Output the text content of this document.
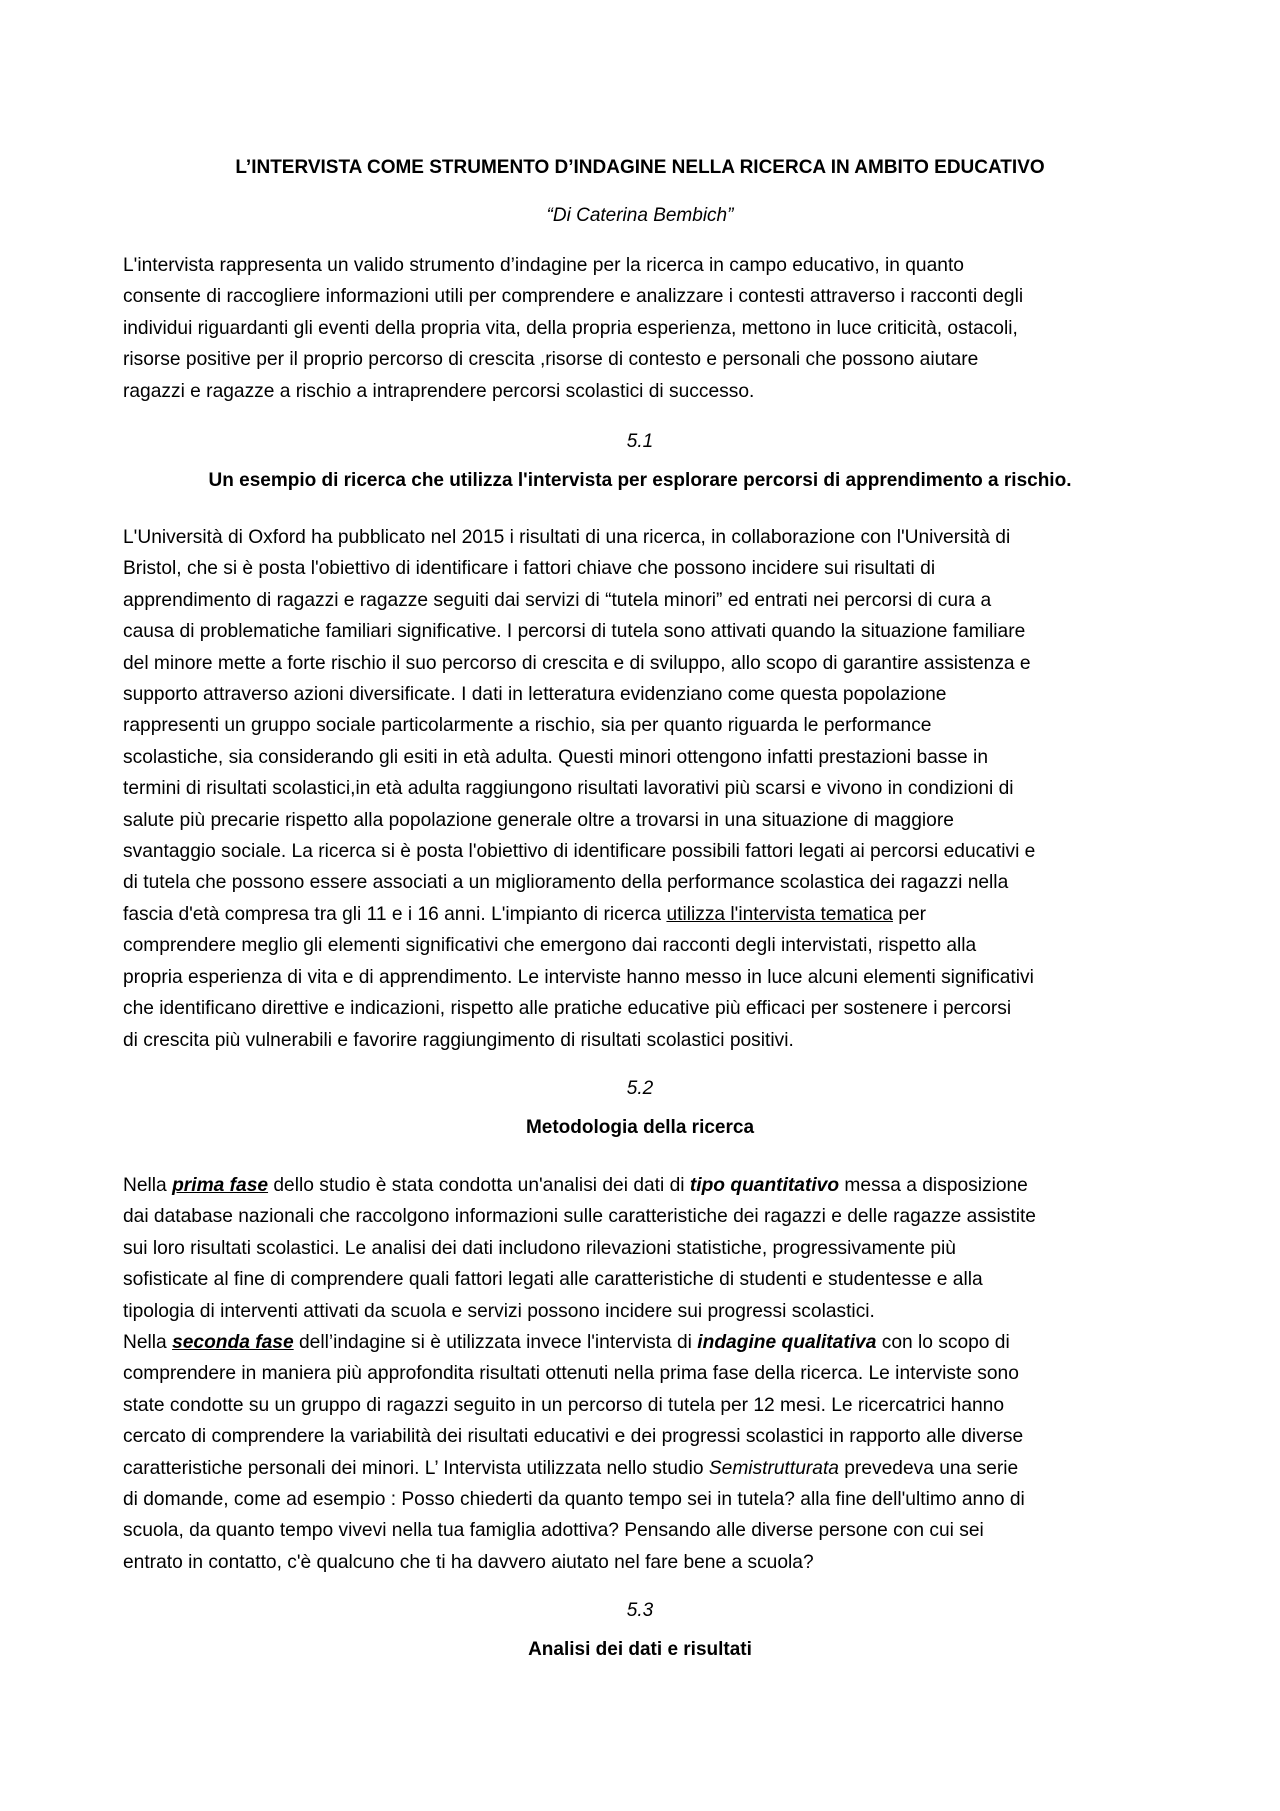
L’INTERVISTA COME STRUMENTO D’INDAGINE NELLA RICERCA IN AMBITO EDUCATIVO
“Di Caterina Bembich”

L'intervista rappresenta un valido strumento d’indagine per la ricerca in campo educativo, in quanto
consente di raccogliere informazioni utili per comprendere e analizzare i contesti attraverso i racconti degli
individui riguardanti gli eventi della propria vita, della propria esperienza, mettono in luce criticità, ostacoli,
risorse positive per il proprio percorso di crescita ,risorse di contesto e personali che possono aiutare
ragazzi e ragazze a rischio a intraprendere percorsi scolastici di successo.

5.1

Un esempio di ricerca che utilizza l'intervista per esplorare percorsi di apprendimento a rischio.

L'Università di Oxford ha pubblicato nel 2015 i risultati di una ricerca, in collaborazione con l'Università di
Bristol, che si è posta l'obiettivo di identificare i fattori chiave che possono incidere sui risultati di
apprendimento di ragazzi e ragazze seguiti dai servizi di “tutela minori” ed entrati nei percorsi di cura a
causa di problematiche familiari significative. I percorsi di tutela sono attivati quando la situazione familiare
del minore mette a forte rischio il suo percorso di crescita e di sviluppo, allo scopo di garantire assistenza e
supporto attraverso azioni diversificate. I dati in letteratura evidenziano come questa popolazione
rappresenti un gruppo sociale particolarmente a rischio, sia per quanto riguarda le performance
scolastiche, sia considerando gli esiti in età adulta. Questi minori ottengono infatti prestazioni basse in
termini di risultati scolastici,in età adulta raggiungono risultati lavorativi più scarsi e vivono in condizioni di
salute più precarie rispetto alla popolazione generale oltre a trovarsi in una situazione di maggiore
svantaggio sociale. La ricerca si è posta l'obiettivo di identificare possibili fattori legati ai percorsi educativi e
di tutela che possono essere associati a un miglioramento della performance scolastica dei ragazzi nella
fascia d'età compresa tra gli 11 e i 16 anni. L'impianto di ricerca utilizza l'intervista tematica per
comprendere meglio gli elementi significativi che emergono dai racconti degli intervistati, rispetto alla
propria esperienza di vita e di apprendimento. Le interviste hanno messo in luce alcuni elementi significativi
che identificano direttive e indicazioni, rispetto alle pratiche educative più efficaci per sostenere i percorsi
di crescita più vulnerabili e favorire raggiungimento di risultati scolastici positivi.

5.2

Metodologia della ricerca

Nella prima fase dello studio è stata condotta un'analisi dei dati di tipo quantitativo messa a disposizione
dai database nazionali che raccolgono informazioni sulle caratteristiche dei ragazzi e delle ragazze assistite
sui loro risultati scolastici. Le analisi dei dati includono rilevazioni statistiche, progressivamente più
sofisticate al fine di comprendere quali fattori legati alle caratteristiche di studenti e studentesse e alla
tipologia di interventi attivati da scuola e servizi possono incidere sui progressi scolastici.
Nella seconda fase dell’indagine si è utilizzata invece l'intervista di indagine qualitativa con lo scopo di
comprendere in maniera più approfondita risultati ottenuti nella prima fase della ricerca. Le interviste sono
state condotte su un gruppo di ragazzi seguito in un percorso di tutela per 12 mesi. Le ricercatrici hanno
cercato di comprendere la variabilità dei risultati educativi e dei progressi scolastici in rapporto alle diverse
caratteristiche personali dei minori. L’ Intervista utilizzata nello studio Semistrutturata prevedeva una serie
di domande, come ad esempio : Posso chiederti da quanto tempo sei in tutela? alla fine dell'ultimo anno di
scuola, da quanto tempo vivevi nella tua famiglia adottiva? Pensando alle diverse persone con cui sei
entrato in contatto, c'è qualcuno che ti ha davvero aiutato nel fare bene a scuola?

5.3

Analisi dei dati e risultati
